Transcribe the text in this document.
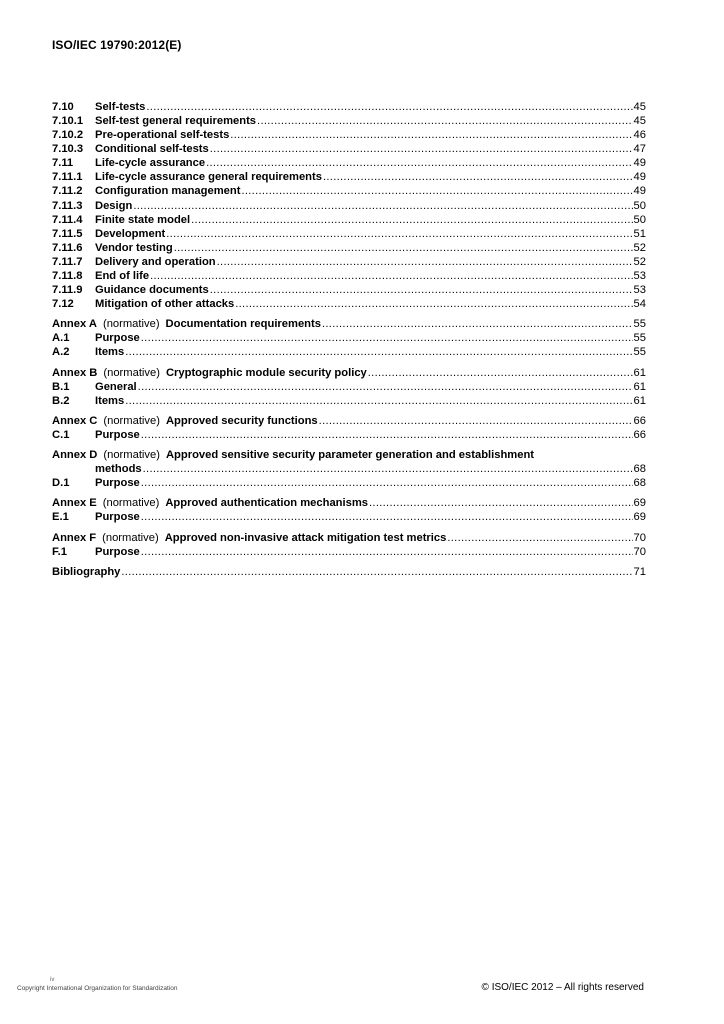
ISO/IEC 19790:2012(E)
7.10	Self-tests .....	45
7.10.1	Self-test general requirements .....	45
7.10.2	Pre-operational self-tests .....	46
7.10.3	Conditional self-tests .....	47
7.11	Life-cycle assurance .....	49
7.11.1	Life-cycle assurance general requirements .....	49
7.11.2	Configuration management .....	49
7.11.3	Design .....	50
7.11.4	Finite state model .....	50
7.11.5	Development .....	51
7.11.6	Vendor testing .....	52
7.11.7	Delivery and operation .....	52
7.11.8	End of life .....	53
7.11.9	Guidance documents .....	53
7.12	Mitigation of other attacks .....	54
Annex A (normative) Documentation requirements .....	55
A.1	Purpose .....	55
A.2	Items .....	55
Annex B (normative) Cryptographic module security policy .....	61
B.1	General .....	61
B.2	Items .....	61
Annex C (normative) Approved security functions .....	66
C.1	Purpose .....	66
Annex D (normative) Approved sensitive security parameter generation and establishment
methods .....	68
D.1	Purpose .....	68
Annex E (normative) Approved authentication mechanisms .....	69
E.1	Purpose .....	69
Annex F (normative) Approved non-invasive attack mitigation test metrics .....	70
F.1	Purpose .....	70
Bibliography .....	71
iv
Copyright International Organization for Standardization	© ISO/IEC 2012 – All rights reserved
